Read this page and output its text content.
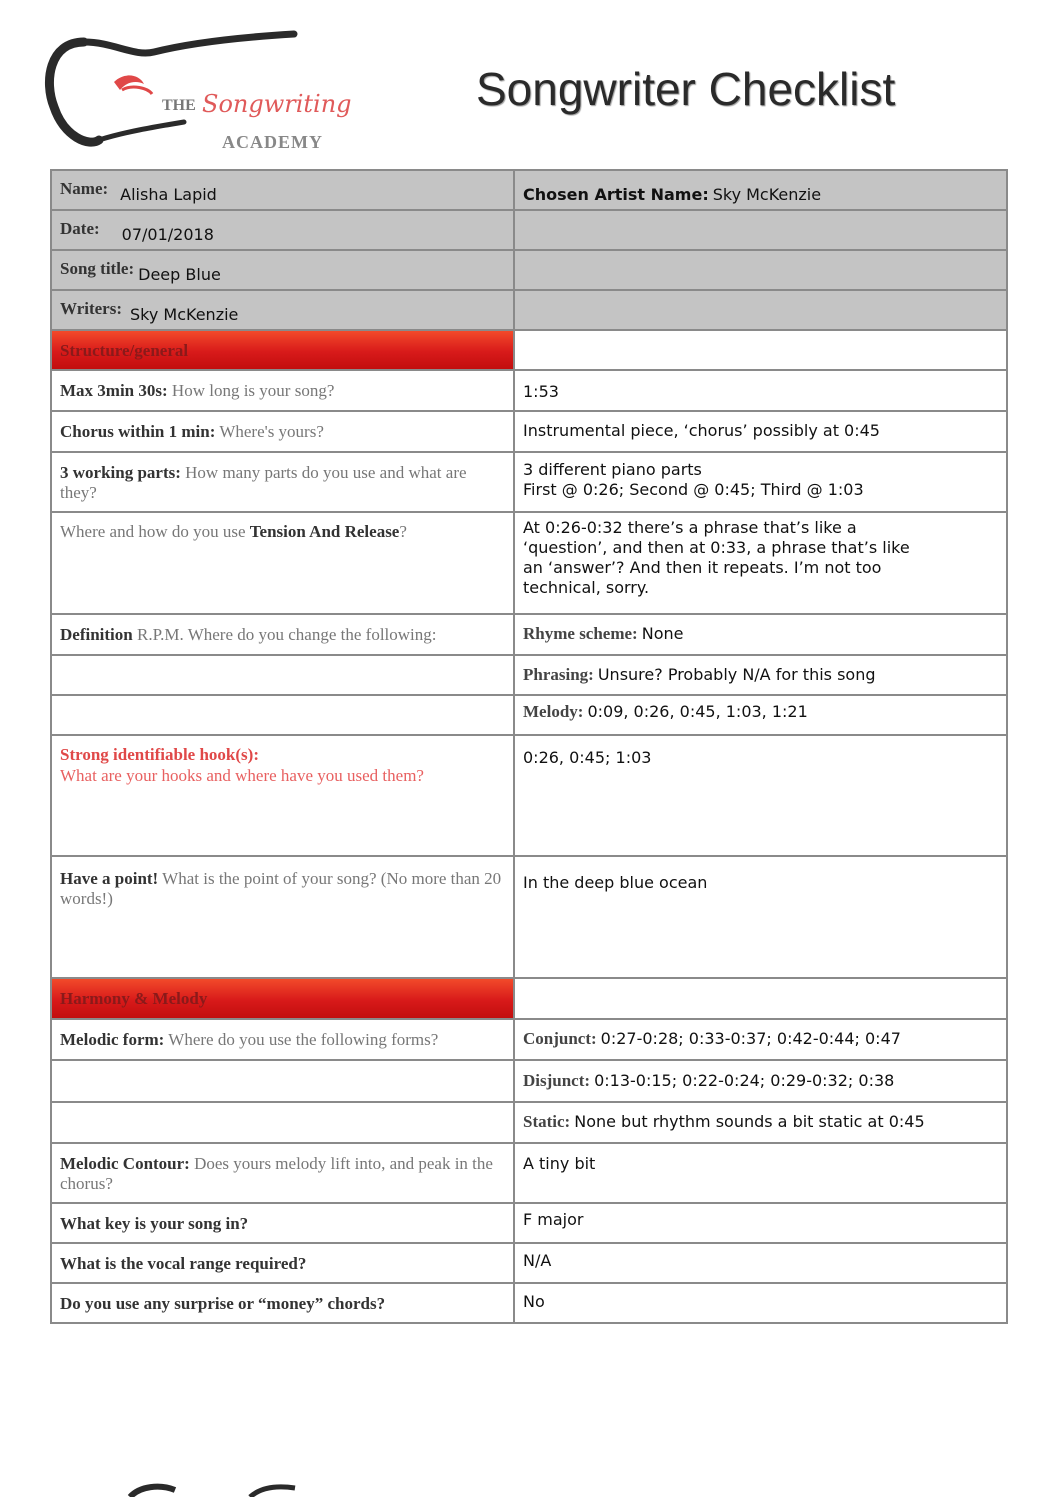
THE Songwriting
ACADEMY
Songwriter Checklist
Name: Alisha Lapid	Chosen Artist Name: Sky McKenzie

Date: 07/01/2018	
Song title: Deep Blue	
Writers: Sky McKenzie	

Structure/general	

Max 3min 30s: How long is your song?	1:53

Chorus within 1 min: Where's yours?	Instrumental piece, ‘chorus’ possibly at 0:45

3 working parts: How many parts do you use and what are they?	3 different piano parts
First @ 0:26; Second @ 0:45; Third @ 1:03

Where and how do you use Tension And Release?	At 0:26-0:32 there’s a phrase that’s like a ‘question’, and then at 0:33, a phrase that’s like an ‘answer’? And then it repeats. I’m not too technical, sorry.

Definition R.P.M. Where do you change the following:	Rhyme scheme: None

	Phrasing: Unsure? Probably N/A for this song

	Melody: 0:09, 0:26, 0:45, 1:03, 1:21

Strong identifiable hook(s):
What are your hooks and where have you used them?	0:26, 0:45; 1:03

Have a point! What is the point of your song? (No more than 20 words!)	In the deep blue ocean

Harmony & Melody	

Melodic form: Where do you use the following forms?	Conjunct: 0:27-0:28; 0:33-0:37; 0:42-0:44; 0:47

	Disjunct: 0:13-0:15; 0:22-0:24; 0:29-0:32; 0:38

	Static: None but rhythm sounds a bit static at 0:45

Melodic Contour: Does yours melody lift into, and peak in the chorus?	A tiny bit

What key is your song in?	F major

What is the vocal range required?	N/A

Do you use any surprise or “money” chords?	No
